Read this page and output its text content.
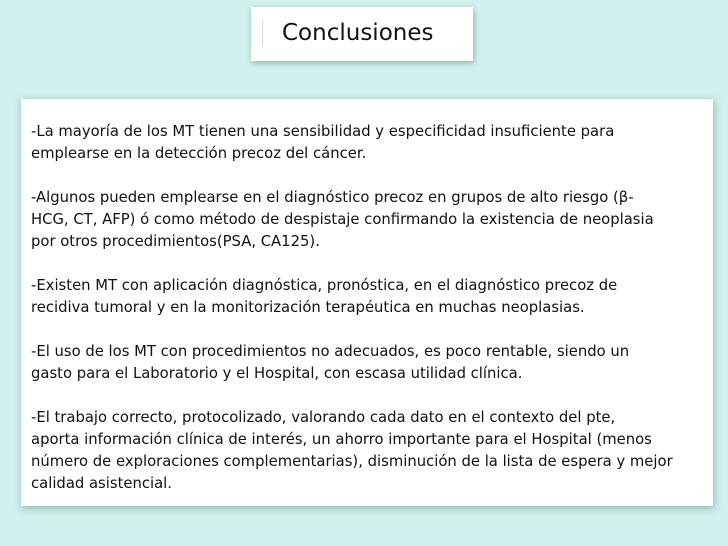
Conclusiones

-La mayoría de los MT tienen una sensibilidad y especificidad insuficiente para
emplearse en la detección precoz del cáncer.

-Algunos pueden emplearse en el diagnóstico precoz en grupos de alto riesgo (β-
HCG, CT, AFP) ó como método de despistaje confirmando la existencia de neoplasia
por otros procedimientos(PSA, CA125).

-Existen MT con aplicación diagnóstica, pronóstica, en el diagnóstico precoz de
recidiva tumoral y en la monitorización terapéutica en muchas neoplasias.

-El uso de los MT con procedimientos no adecuados, es poco rentable, siendo un
gasto para el Laboratorio y el Hospital, con escasa utilidad clínica.

-El trabajo correcto, protocolizado, valorando cada dato en el contexto del pte,
aporta información clínica de interés, un ahorro importante para el Hospital (menos
número de exploraciones complementarias), disminución de la lista de espera y mejor
calidad asistencial.
